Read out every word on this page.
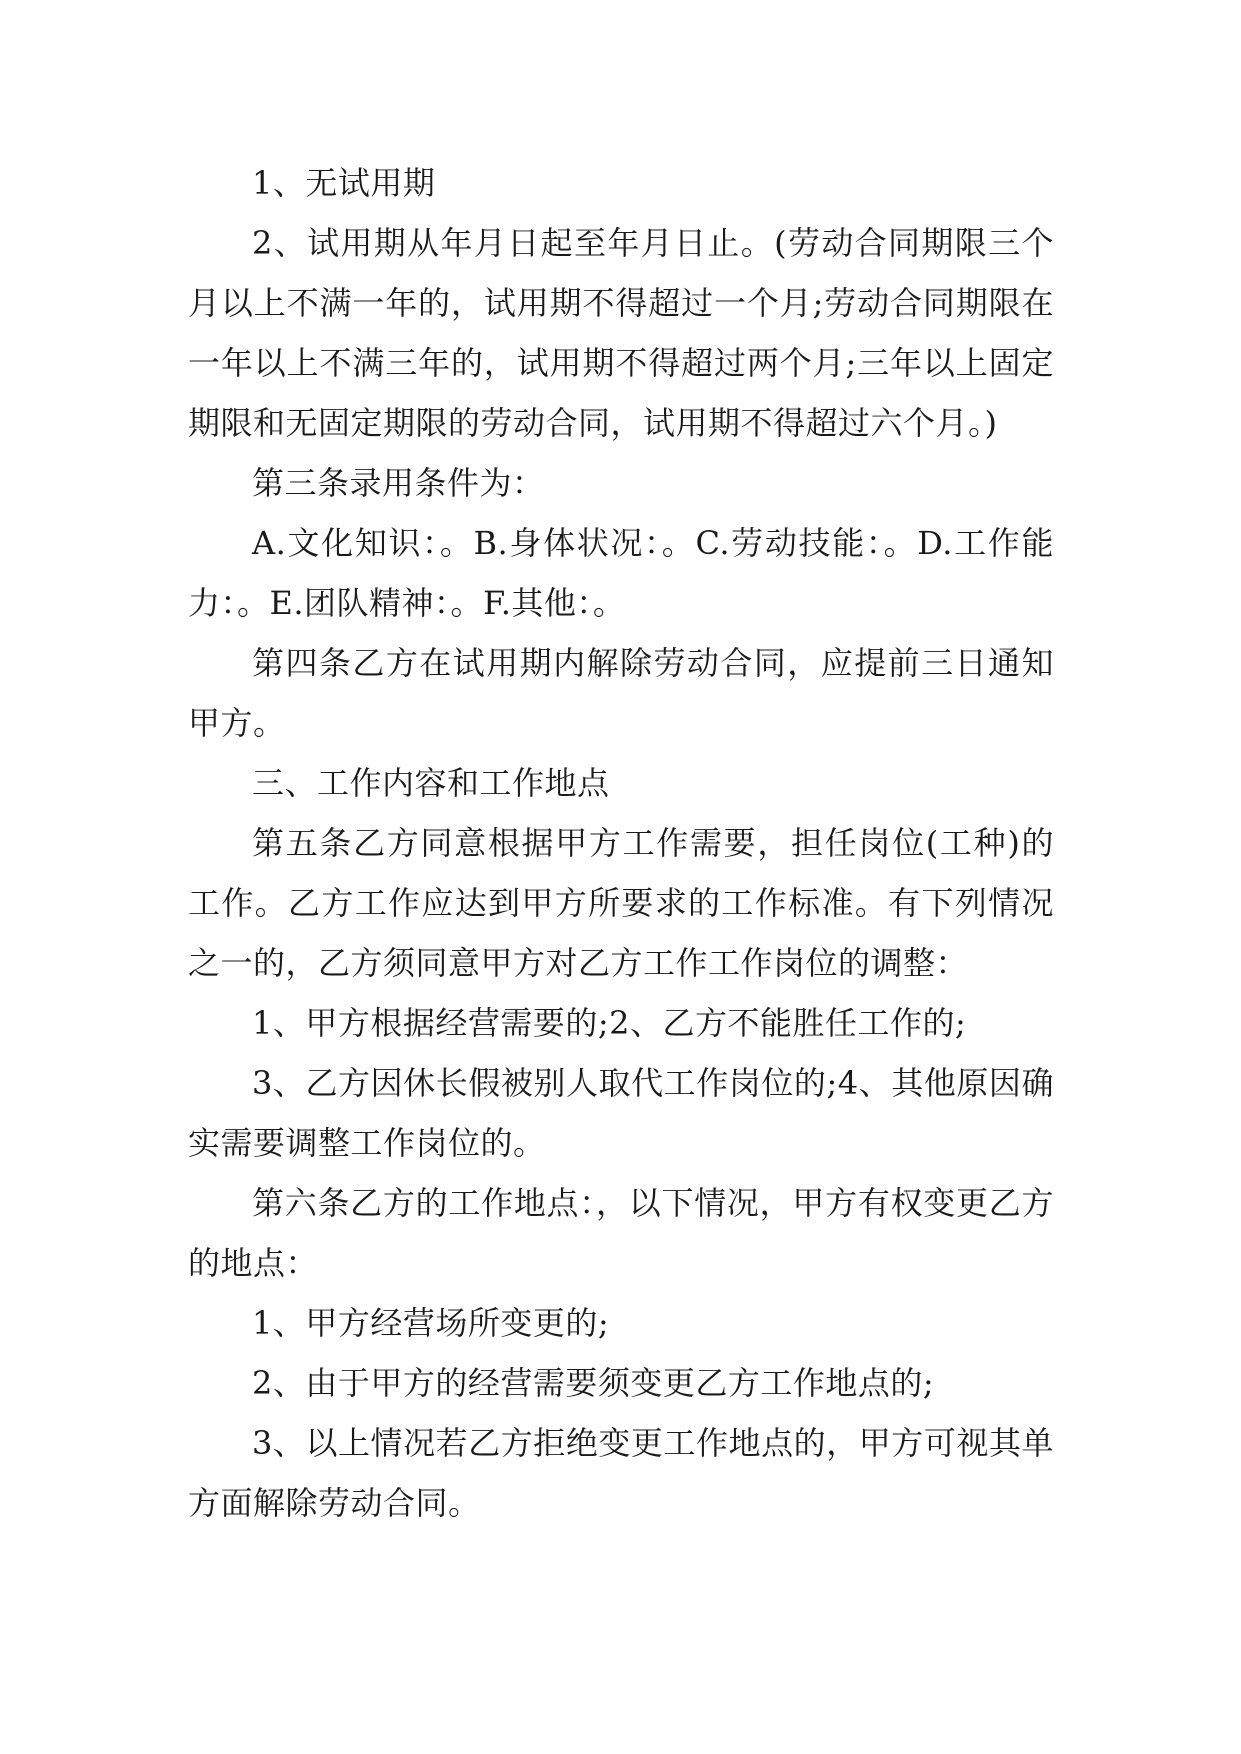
1、无试用期

2、试用期从年月日起至年月日止。(劳动合同期限三个月以上不满一年的，试用期不得超过一个月;劳动合同期限在一年以上不满三年的，试用期不得超过两个月;三年以上固定期限和无固定期限的劳动合同，试用期不得超过六个月。)

第三条录用条件为：

A.文化知识：。B.身体状况：。C.劳动技能：。D.工作能力：。E.团队精神：。F.其他：。

第四条乙方在试用期内解除劳动合同，应提前三日通知甲方。

三、工作内容和工作地点

第五条乙方同意根据甲方工作需要，担任岗位(工种)的工作。乙方工作应达到甲方所要求的工作标准。有下列情况之一的，乙方须同意甲方对乙方工作工作岗位的调整：

1、甲方根据经营需要的;2、乙方不能胜任工作的;

3、乙方因休长假被别人取代工作岗位的;4、其他原因确实需要调整工作岗位的。

第六条乙方的工作地点：，以下情况，甲方有权变更乙方的地点：

1、甲方经营场所变更的;

2、由于甲方的经营需要须变更乙方工作地点的;

3、以上情况若乙方拒绝变更工作地点的，甲方可视其单方面解除劳动合同。
